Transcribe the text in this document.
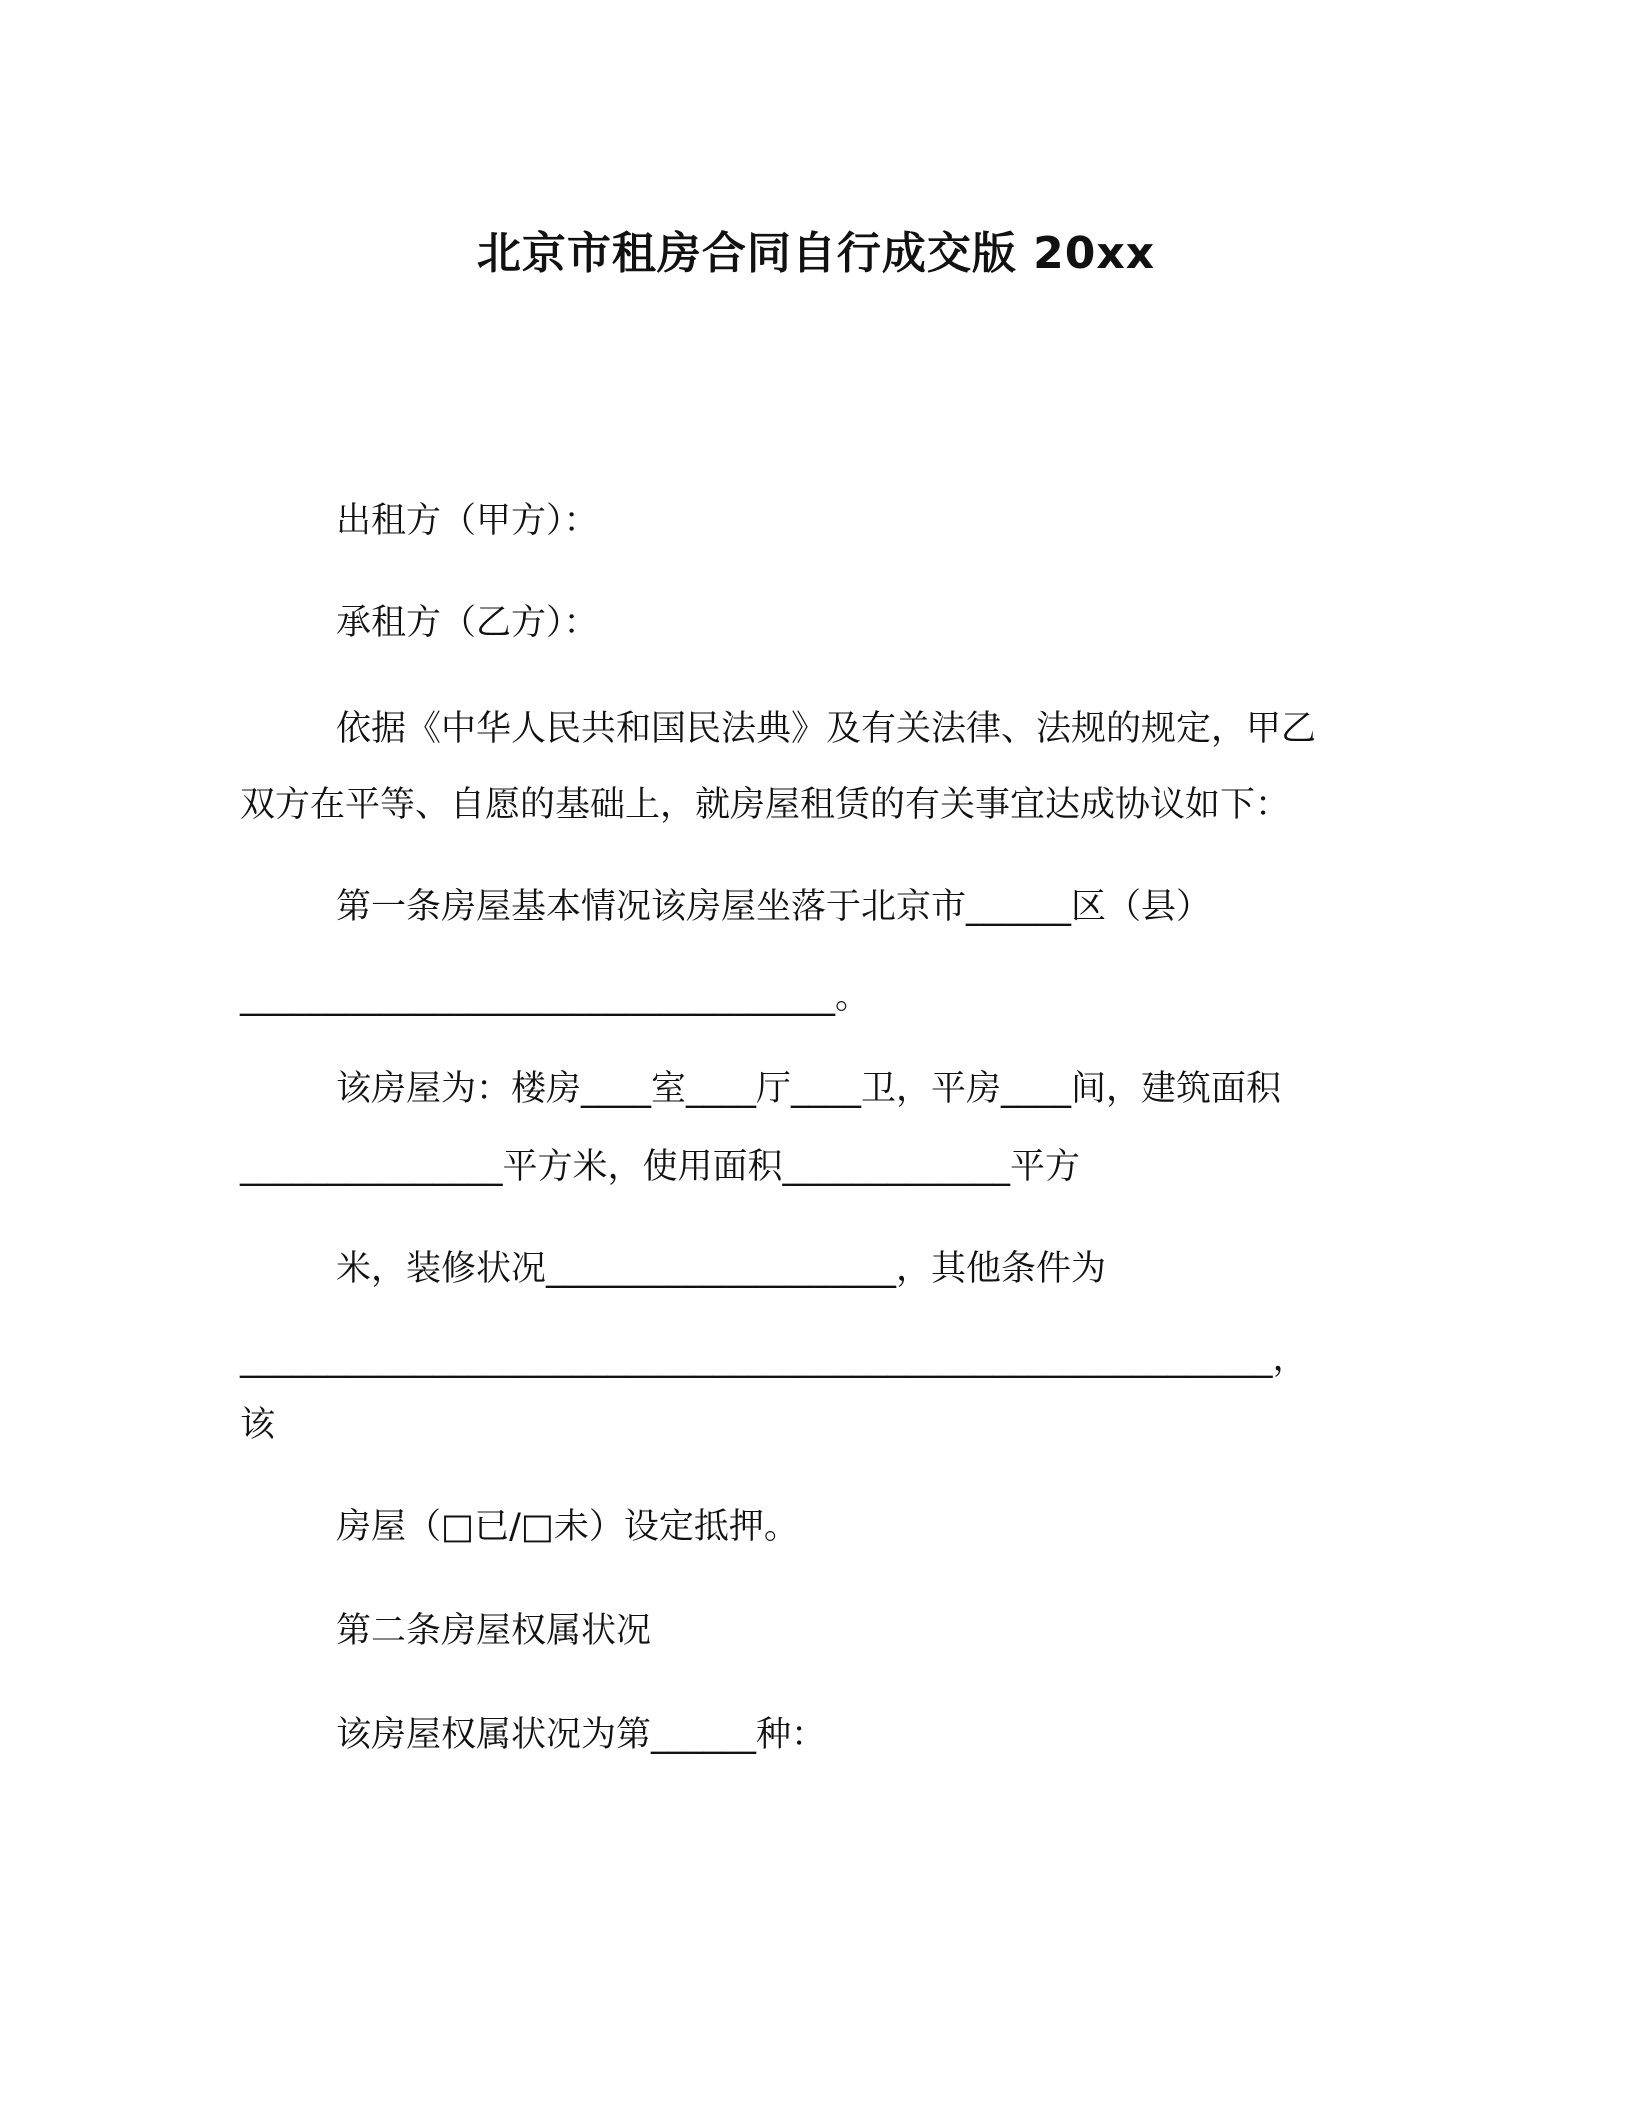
北京市租房合同自行成交版 20xx
出租方（甲方）：
承租方（乙方）：
依据《中华人民共和国民法典》及有关法律、法规的规定，甲乙
双方在平等、自愿的基础上，就房屋租赁的有关事宜达成协议如下：
第一条房屋基本情况该房屋坐落于北京市______区（县）
__________________________________。
该房屋为：楼房____室____厅____卫，平房____间，建筑面积
_______________平方米，使用面积_____________平方
米，装修状况____________________，其他条件为
___________________________________________________________，
该
房屋（□已/□未）设定抵押。
第二条房屋权属状况
该房屋权属状况为第______种：
